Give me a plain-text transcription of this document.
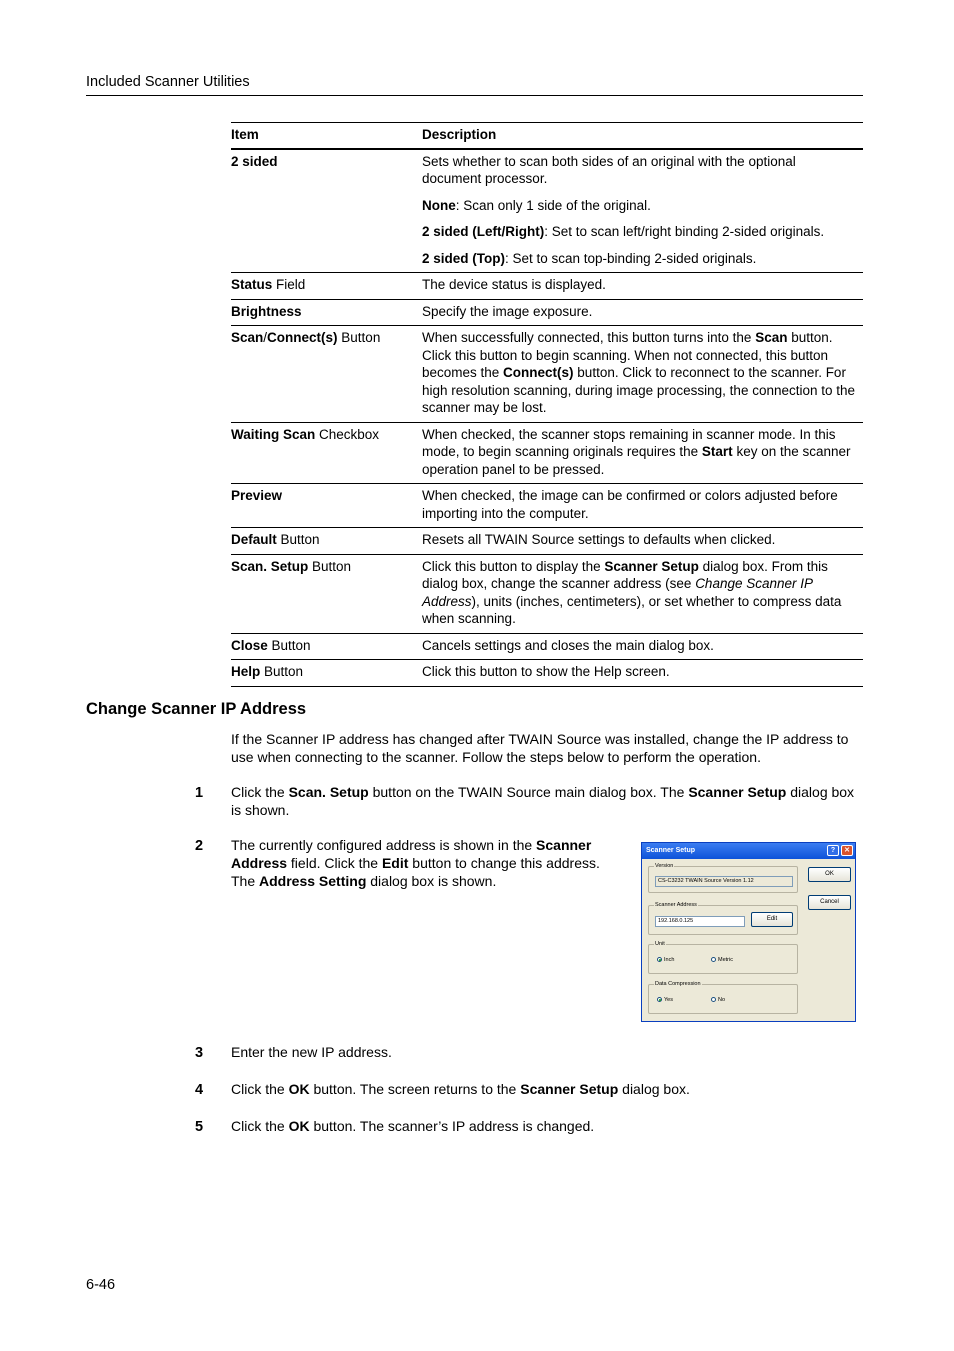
Included Scanner Utilities
Item	Description
2 sided	Sets whether to scan both sides of an original with the optional document processor.

None: Scan only 1 side of the original.

2 sided (Left/Right): Set to scan left/right binding 2-sided originals.

2 sided (Top): Set to scan top-binding 2-sided originals.

Status Field	The device status is displayed.
Brightness	Specify the image exposure.
Scan/Connect(s) Button	When successfully connected, this button turns into the Scan button. Click this button to begin scanning. When not connected, this button becomes the Connect(s) button. Click to reconnect to the scanner. For high resolution scanning, during image processing, the connection to the scanner may be lost.
Waiting Scan Checkbox	When checked, the scanner stops remaining in scanner mode. In this mode, to begin scanning originals requires the Start key on the scanner operation panel to be pressed.
Preview	When checked, the image can be confirmed or colors adjusted before importing into the computer.
Default Button	Resets all TWAIN Source settings to defaults when clicked.
Scan. Setup Button	Click this button to display the Scanner Setup dialog box. From this dialog box, change the scanner address (see Change Scanner IP Address), units (inches, centimeters), or set whether to compress data when scanning.
Close Button	Cancels settings and closes the main dialog box.
Help Button	Click this button to show the Help screen.
Change Scanner IP Address
If the Scanner IP address has changed after TWAIN Source was installed, change the IP address to use when connecting to the scanner. Follow the steps below to perform the operation.
1 Click the Scan. Setup button on the TWAIN Source main dialog box. The Scanner Setup dialog box is shown.
2 The currently configured address is shown in the Scanner Address field. Click the Edit button to change this address. The Address Setting dialog box is shown.
Scanner Setup	?	✕
Version
CS-C3232 TWAIN Source Version 1.12
Scanner Address
192.168.0.125	Edit
Unit
Inch	Metric
Data Compression
Yes	No
OK
Cancel
3 Enter the new IP address.
4 Click the OK button. The screen returns to the Scanner Setup dialog box.
5 Click the OK button. The scanner’s IP address is changed.
6-46
